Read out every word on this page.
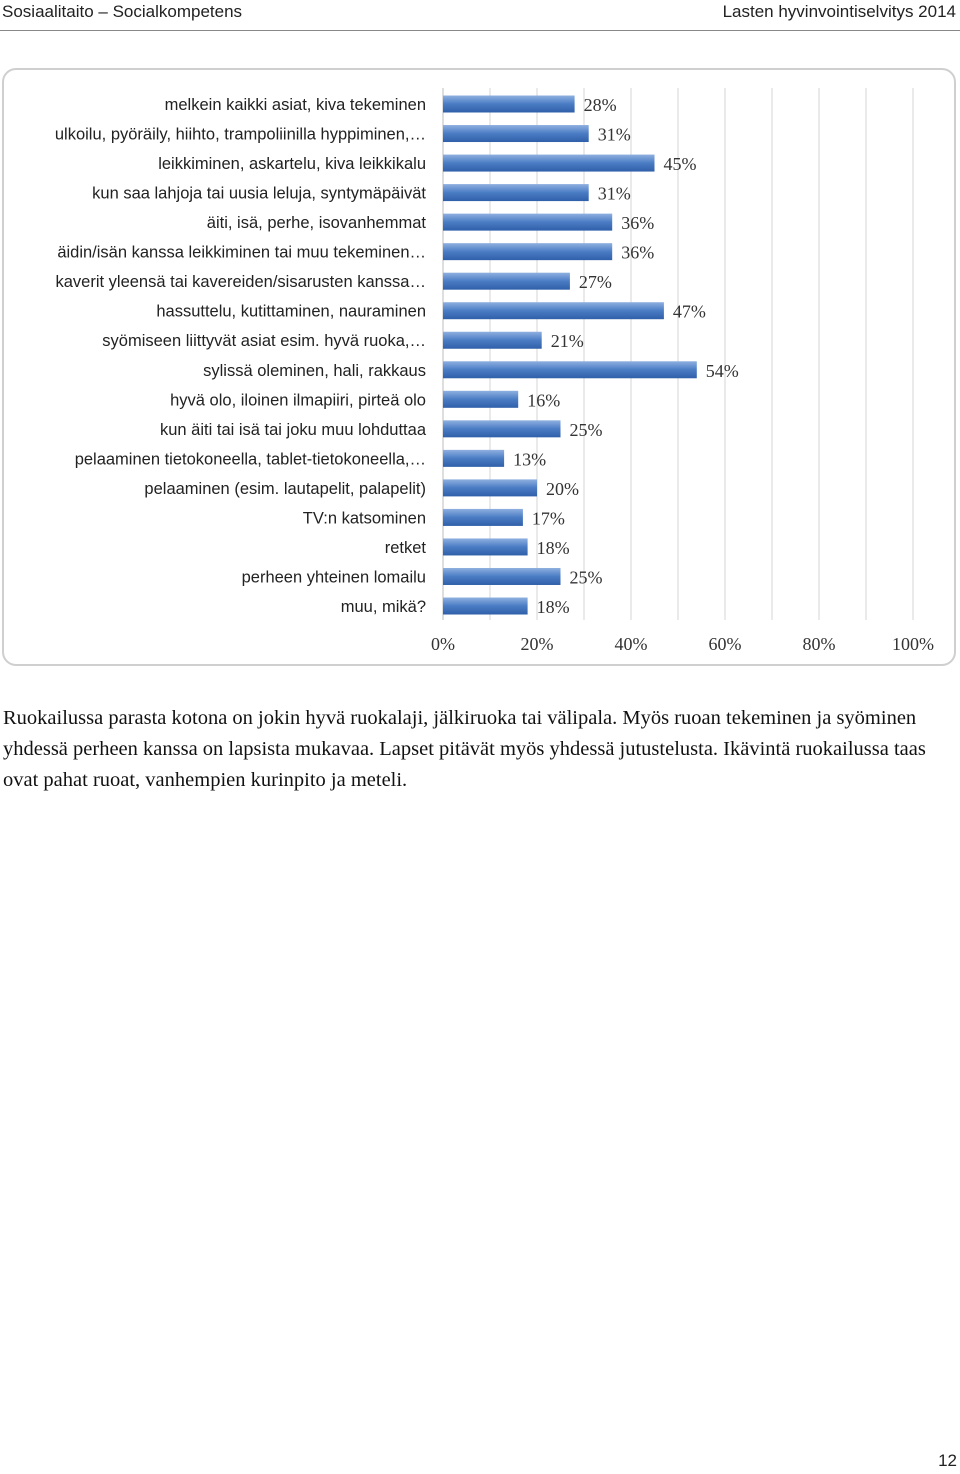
Sosiaalitaito – Socialkompetens	Lasten hyvinvointiselvitys 2014
melkein kaikki asiat, kiva tekeminen
ulkoilu, pyöräily, hiihto, trampoliinilla hyppiminen,…
leikkiminen, askartelu, kiva leikkikalu
kun saa lahjoja tai uusia leluja, syntymäpäivät
äiti, isä, perhe, isovanhemmat
äidin/isän kanssa leikkiminen tai muu tekeminen…
kaverit yleensä tai kavereiden/sisarusten kanssa…
hassuttelu, kutittaminen, nauraminen
syömiseen liittyvät asiat esim. hyvä ruoka,…
sylissä oleminen, hali, rakkaus
hyvä olo, iloinen ilmapiiri, pirteä olo
kun äiti tai isä tai joku muu lohduttaa
pelaaminen tietokoneella, tablet-tietokoneella,…
pelaaminen (esim. lautapelit, palapelit)
TV:n katsominen
retket
perheen yhteinen lomailu
muu, mikä?
28%
31%
45%
31%
36%
36%
27%
47%
21%
54%
16%
25%
13%
20%
17%
18%
25%
18%
0%	20%	40%	60%	80%	100%

Ruokailussa parasta kotona on jokin hyvä ruokalaji, jälkiruoka tai välipala. Myös ruoan tekeminen ja syöminen yhdessä perheen kanssa on lapsista mukavaa. Lapset pitävät myös yhdessä jutustelusta. Ikävintä ruokailussa taas ovat pahat ruoat, vanhempien kurinpito ja meteli.

12
